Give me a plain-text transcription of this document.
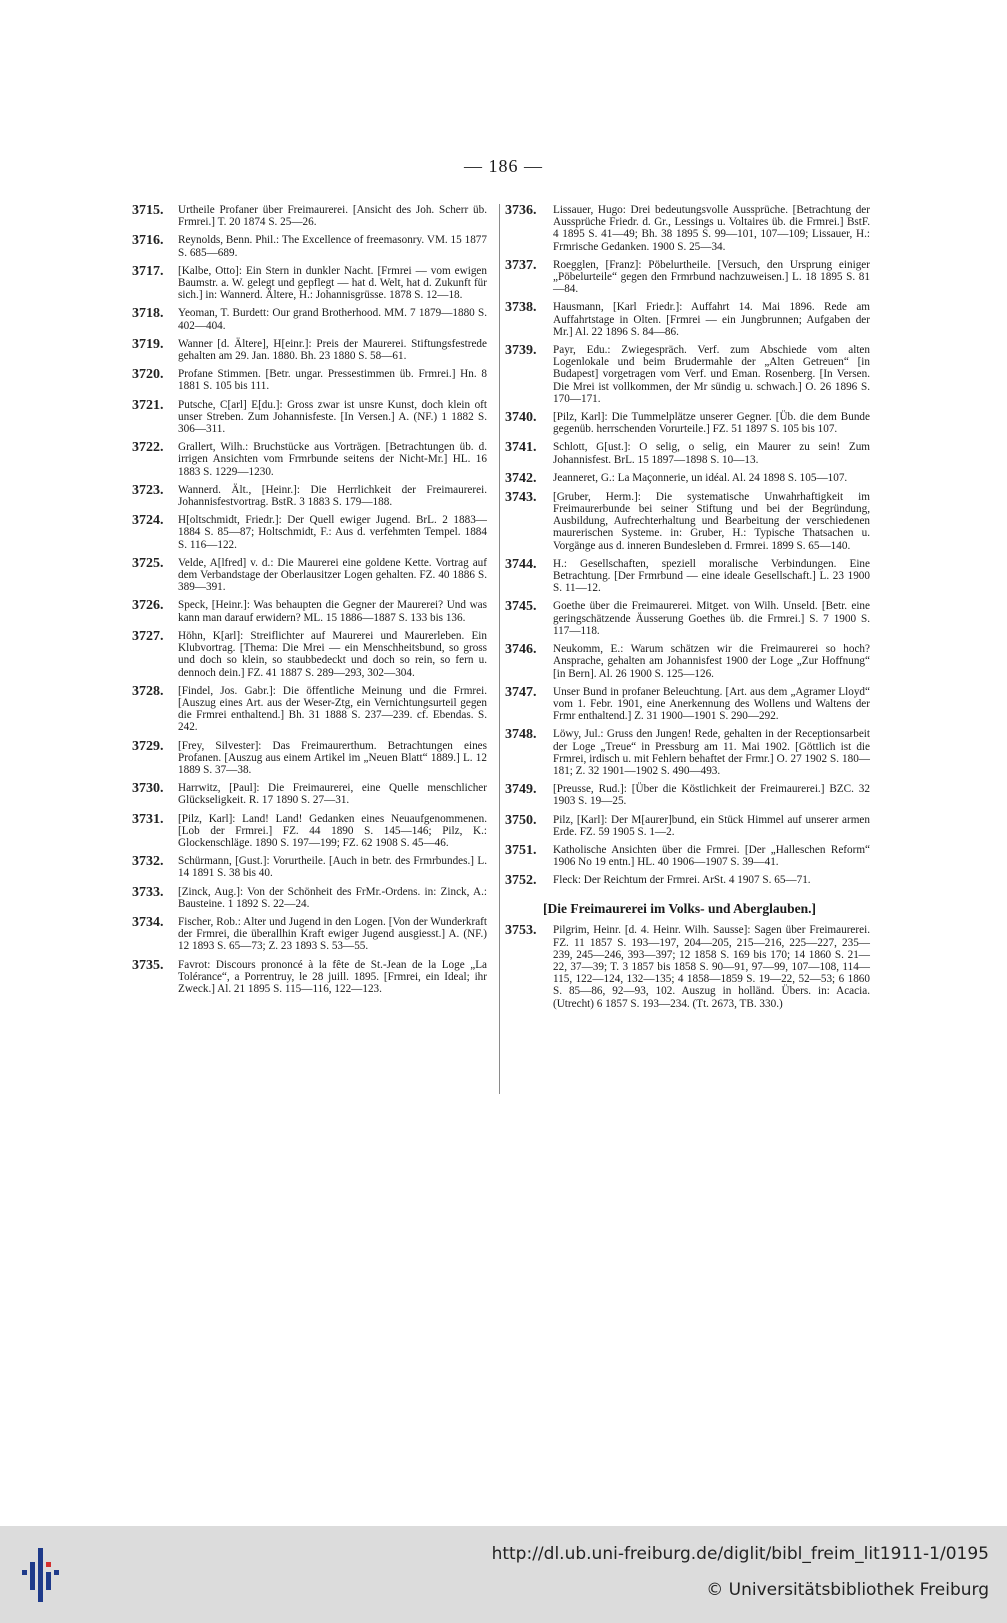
— 186 —
3715.	Urtheile Profaner über Freimaurerei. [Ansicht des Joh. Scherr üb. Frmrei.] T. 20 1874 S. 25—26.
3716.	Reynolds, Benn. Phil.: The Excellence of freemasonry. VM. 15 1877 S. 685—689.
3717.	[Kalbe, Otto]: Ein Stern in dunkler Nacht. [Frmrei — vom ewigen Baumstr. a. W. gelegt und gepflegt — hat d. Welt, hat d. Zukunft für sich.] in: Wannerd. Ältere, H.: Johannisgrüsse. 1878 S. 12—18.
3718.	Yeoman, T. Burdett: Our grand Brotherhood. MM. 7 1879—1880 S. 402—404.
3719.	Wanner [d. Ältere], H[einr.]: Preis der Maurerei. Stiftungsfestrede gehalten am 29. Jan. 1880. Bh. 23 1880 S. 58—61.
3720.	Profane Stimmen. [Betr. ungar. Pressestimmen üb. Frmrei.] Hn. 8 1881 S. 105 bis 111.
3721.	Putsche, C[arl] E[du.]: Gross zwar ist unsre Kunst, doch klein oft unser Streben. Zum Johannisfeste. [In Versen.] A. (NF.) 1 1882 S. 306—311.
3722.	Grallert, Wilh.: Bruchstücke aus Vorträgen. [Betrachtungen üb. d. irrigen Ansichten vom Frmrbunde seitens der Nicht-Mr.] HL. 16 1883 S. 1229—1230.
3723.	Wannerd. Ält., [Heinr.]: Die Herrlichkeit der Freimaurerei. Johannisfestvortrag. BstR. 3 1883 S. 179—188.
3724.	H[oltschmidt, Friedr.]: Der Quell ewiger Jugend. BrL. 2 1883—1884 S. 85—87; Holtschmidt, F.: Aus d. verfehmten Tempel. 1884 S. 116—122.
3725.	Velde, A[lfred] v. d.: Die Maurerei eine goldene Kette. Vortrag auf dem Verbandstage der Oberlausitzer Logen gehalten. FZ. 40 1886 S. 389—391.
3726.	Speck, [Heinr.]: Was behaupten die Gegner der Maurerei? Und was kann man darauf erwidern? ML. 15 1886—1887 S. 133 bis 136.
3727.	Höhn, K[arl]: Streiflichter auf Maurerei und Maurerleben. Ein Klubvortrag. [Thema: Die Mrei — ein Menschheitsbund, so gross und doch so klein, so staubbedeckt und doch so rein, so fern u. dennoch dein.] FZ. 41 1887 S. 289—293, 302—304.
3728.	[Findel, Jos. Gabr.]: Die öffentliche Meinung und die Frmrei. [Auszug eines Art. aus der Weser-Ztg, ein Vernichtungsurteil gegen die Frmrei enthaltend.] Bh. 31 1888 S. 237—239. cf. Ebendas. S. 242.
3729.	[Frey, Silvester]: Das Freimaurerthum. Betrachtungen eines Profanen. [Auszug aus einem Artikel im „Neuen Blatt“ 1889.] L. 12 1889 S. 37—38.
3730.	Harrwitz, [Paul]: Die Freimaurerei, eine Quelle menschlicher Glückseligkeit. R. 17 1890 S. 27—31.
3731.	[Pilz, Karl]: Land! Land! Gedanken eines Neuaufgenommenen. [Lob der Frmrei.] FZ. 44 1890 S. 145—146; Pilz, K.: Glockenschläge. 1890 S. 197—199; FZ. 62 1908 S. 45—46.
3732.	Schürmann, [Gust.]: Vorurtheile. [Auch in betr. des Frmrbundes.] L. 14 1891 S. 38 bis 40.
3733.	[Zinck, Aug.]: Von der Schönheit des FrMr.-Ordens. in: Zinck, A.: Bausteine. 1 1892 S. 22—24.
3734.	Fischer, Rob.: Alter und Jugend in den Logen. [Von der Wunderkraft der Frmrei, die überallhin Kraft ewiger Jugend ausgiesst.] A. (NF.) 12 1893 S. 65—73; Z. 23 1893 S. 53—55.
3735.	Favrot: Discours prononcé à la fête de St.-Jean de la Loge „La Tolérance“, a Porrentruy, le 28 juill. 1895. [Frmrei, ein Ideal; ihr Zweck.] Al. 21 1895 S. 115—116, 122—123.
3736.	Lissauer, Hugo: Drei bedeutungsvolle Aussprüche. [Betrachtung der Aussprüche Friedr. d. Gr., Lessings u. Voltaires üb. die Frmrei.] BstF. 4 1895 S. 41—49; Bh. 38 1895 S. 99—101, 107—109; Lissauer, H.: Frmrische Gedanken. 1900 S. 25—34.
3737.	Roegglen, [Franz]: Pöbelurtheile. [Versuch, den Ursprung einiger „Pöbelurteile“ gegen den Frmrbund nachzuweisen.] L. 18 1895 S. 81—84.
3738.	Hausmann, [Karl Friedr.]: Auffahrt 14. Mai 1896. Rede am Auffahrtstage in Olten. [Frmrei — ein Jungbrunnen; Aufgaben der Mr.] Al. 22 1896 S. 84—86.
3739.	Payr, Edu.: Zwiegespräch. Verf. zum Abschiede vom alten Logenlokale und beim Brudermahle der „Alten Getreuen“ [in Budapest] vorgetragen vom Verf. und Eman. Rosenberg. [In Versen. Die Mrei ist vollkommen, der Mr sündig u. schwach.] O. 26 1896 S. 170—171.
3740.	[Pilz, Karl]: Die Tummelplätze unserer Gegner. [Üb. die dem Bunde gegenüb. herrschenden Vorurteile.] FZ. 51 1897 S. 105 bis 107.
3741.	Schlott, G[ust.]: O selig, o selig, ein Maurer zu sein! Zum Johannisfest. BrL. 15 1897—1898 S. 10—13.
3742.	Jeanneret, G.: La Maçonnerie, un idéal. Al. 24 1898 S. 105—107.
3743.	[Gruber, Herm.]: Die systematische Unwahrhaftigkeit im Freimaurerbunde bei seiner Stiftung und bei der Begründung, Ausbildung, Aufrechterhaltung und Bearbeitung der verschiedenen maurerischen Systeme. in: Gruber, H.: Typische Thatsachen u. Vorgänge aus d. inneren Bundesleben d. Frmrei. 1899 S. 65—140.
3744.	H.: Gesellschaften, speziell moralische Verbindungen. Eine Betrachtung. [Der Frmrbund — eine ideale Gesellschaft.] L. 23 1900 S. 11—12.
3745.	Goethe über die Freimaurerei. Mitget. von Wilh. Unseld. [Betr. eine geringschätzende Äusserung Goethes üb. die Frmrei.] S. 7 1900 S. 117—118.
3746.	Neukomm, E.: Warum schätzen wir die Freimaurerei so hoch? Ansprache, gehalten am Johannisfest 1900 der Loge „Zur Hoffnung“ [in Bern]. Al. 26 1900 S. 125—126.
3747.	Unser Bund in profaner Beleuchtung. [Art. aus dem „Agramer Lloyd“ vom 1. Febr. 1901, eine Anerkennung des Wollens und Waltens der Frmr enthaltend.] Z. 31 1900—1901 S. 290—292.
3748.	Löwy, Jul.: Gruss den Jungen! Rede, gehalten in der Receptionsarbeit der Loge „Treue“ in Pressburg am 11. Mai 1902. [Göttlich ist die Frmrei, irdisch u. mit Fehlern behaftet der Frmr.] O. 27 1902 S. 180—181; Z. 32 1901—1902 S. 490—493.
3749.	[Preusse, Rud.]: [Über die Köstlichkeit der Freimaurerei.] BZC. 32 1903 S. 19—25.
3750.	Pilz, [Karl]: Der M[aurer]bund, ein Stück Himmel auf unserer armen Erde. FZ. 59 1905 S. 1—2.
3751.	Katholische Ansichten über die Frmrei. [Der „Halleschen Reform“ 1906 No 19 entn.] HL. 40 1906—1907 S. 39—41.
3752.	Fleck: Der Reichtum der Frmrei. ArSt. 4 1907 S. 65—71.
[Die Freimaurerei im Volks- und Aberglauben.]
3753.	Pilgrim, Heinr. [d. 4. Heinr. Wilh. Sausse]: Sagen über Freimaurerei. FZ. 11 1857 S. 193—197, 204—205, 215—216, 225—227, 235—239, 245—246, 393—397; 12 1858 S. 169 bis 170; 14 1860 S. 21—22, 37—39; T. 3 1857 bis 1858 S. 90—91, 97—99, 107—108, 114—115, 122—124, 132—135; 4 1858—1859 S. 19—22, 52—53; 6 1860 S. 85—86, 92—93, 102. Auszug in holländ. Übers. in: Acacia. (Utrecht) 6 1857 S. 193—234. (Tt. 2673, TB. 330.)
http://dl.ub.uni-freiburg.de/diglit/bibl_freim_lit1911-1/0195
© Universitätsbibliothek Freiburg
